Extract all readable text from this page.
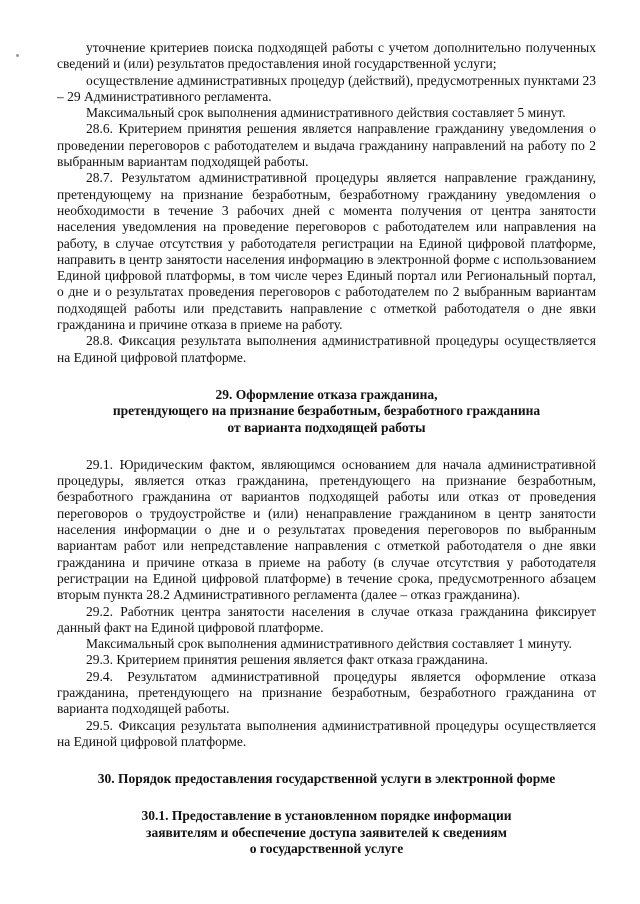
уточнение критериев поиска подходящей работы с учетом дополнительно полученных сведений и (или) результатов предоставления иной государственной услуги;

осуществление административных процедур (действий), предусмотренных пунктами 23 – 29 Административного регламента.

Максимальный срок выполнения административного действия составляет 5 минут.

28.6. Критерием принятия решения является направление гражданину уведомления о проведении переговоров с работодателем и выдача гражданину направлений на работу по 2 выбранным вариантам подходящей работы.

28.7. Результатом административной процедуры является направление гражданину, претендующему на признание безработным, безработному гражданину уведомления о необходимости в течение 3 рабочих дней с момента получения от центра занятости населения уведомления на проведение переговоров с работодателем или направления на работу, в случае отсутствия у работодателя регистрации на Единой цифровой платформе, направить в центр занятости населения информацию в электронной форме с использованием Единой цифровой платформы, в том числе через Единый портал или Региональный портал, о дне и о результатах проведения переговоров с работодателем по 2 выбранным вариантам подходящей работы или представить направление с отметкой работодателя о дне явки гражданина и причине отказа в приеме на работу.

28.8. Фиксация результата выполнения административной процедуры осуществляется на Единой цифровой платформе.

29. Оформление отказа гражданина,
претендующего на признание безработным, безработного гражданина
от варианта подходящей работы

29.1. Юридическим фактом, являющимся основанием для начала административной процедуры, является отказ гражданина, претендующего на признание безработным, безработного гражданина от вариантов подходящей работы или отказ от проведения переговоров о трудоустройстве и (или) ненаправление гражданином в центр занятости населения информации о дне и о результатах проведения переговоров по выбранным вариантам работ или непредставление направления с отметкой работодателя о дне явки гражданина и причине отказа в приеме на работу (в случае отсутствия у работодателя регистрации на Единой цифровой платформе) в течение срока, предусмотренного абзацем вторым пункта 28.2 Административного регламента (далее – отказ гражданина).

29.2. Работник центра занятости населения в случае отказа гражданина фиксирует данный факт на Единой цифровой платформе.

Максимальный срок выполнения административного действия составляет 1 минуту.

29.3. Критерием принятия решения является факт отказа гражданина.

29.4. Результатом административной процедуры является оформление отказа гражданина, претендующего на признание безработным, безработного гражданина от варианта подходящей работы.

29.5. Фиксация результата выполнения административной процедуры осуществляется на Единой цифровой платформе.

30. Порядок предоставления государственной услуги в электронной форме
30.1. Предоставление в установленном порядке информации
заявителям и обеспечение доступа заявителей к сведениям
о государственной услуге
